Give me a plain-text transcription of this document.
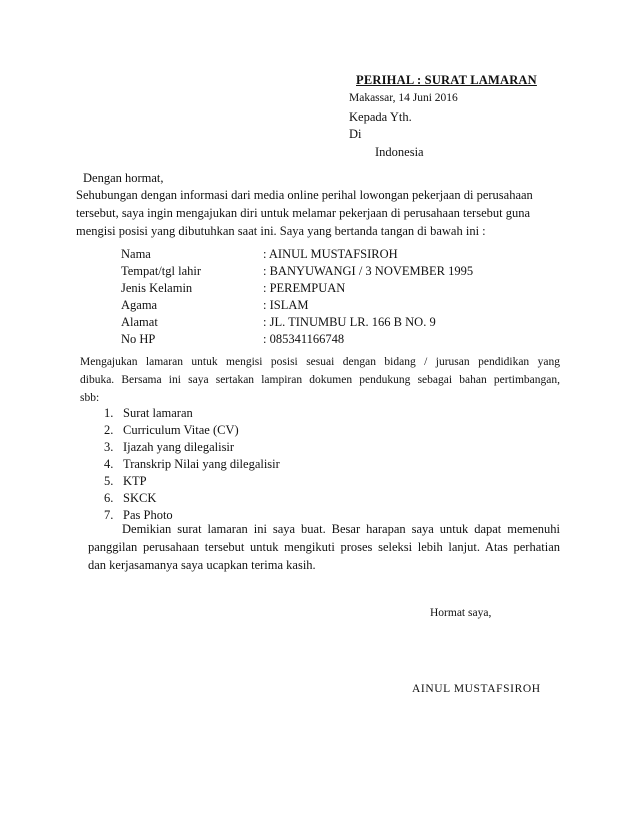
PERIHAL : SURAT LAMARAN
Makassar, 14 Juni 2016
Kepada Yth.
Di
Indonesia
Dengan hormat,
Sehubungan dengan informasi dari media online perihal lowongan pekerjaan di perusahaan
tersebut, saya ingin mengajukan diri untuk melamar pekerjaan di perusahaan tersebut guna
mengisi posisi yang dibutuhkan saat ini. Saya yang bertanda tangan di bawah ini :
Nama	: AINUL MUSTAFSIROH
Tempat/tgl lahir	: BANYUWANGI / 3 NOVEMBER 1995
Jenis Kelamin	: PEREMPUAN
Agama	: ISLAM
Alamat	: JL. TINUMBU LR. 166 B NO. 9
No HP	: 085341166748
Mengajukan lamaran untuk mengisi posisi sesuai dengan bidang / jurusan pendidikan yang
dibuka. Bersama ini saya sertakan lampiran dokumen pendukung sebagai bahan pertimbangan,
sbb:
1. Surat lamaran
2. Curriculum Vitae (CV)
3. Ijazah yang dilegalisir
4. Transkrip Nilai yang dilegalisir
5. KTP
6. SKCK
7. Pas Photo
Demikian surat lamaran ini saya buat. Besar harapan saya untuk dapat memenuhi
panggilan perusahaan tersebut untuk mengikuti proses seleksi lebih lanjut. Atas perhatian
dan kerjasamanya saya ucapkan terima kasih.
Hormat saya,
AINUL MUSTAFSIROH
